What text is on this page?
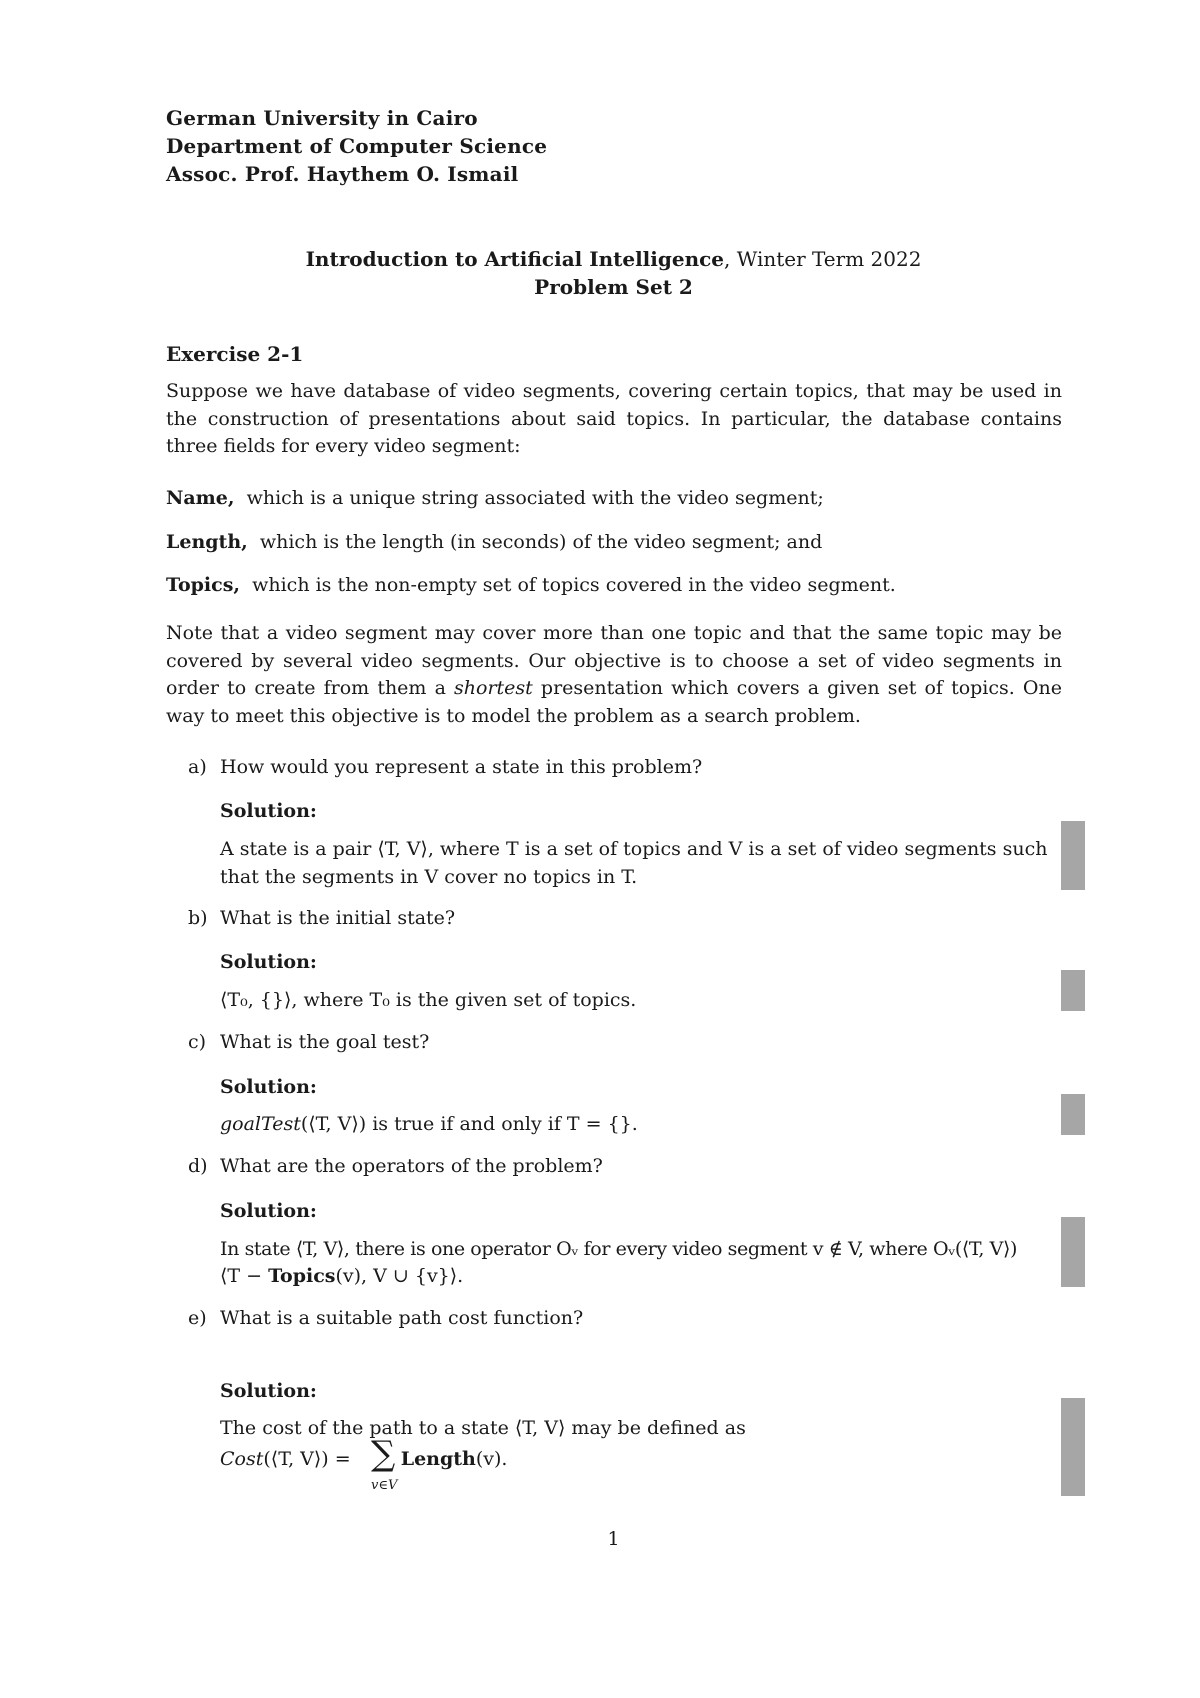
German University in Cairo
Department of Computer Science
Assoc. Prof. Haythem O. Ismail
Introduction to Artificial Intelligence, Winter Term 2022
Problem Set 2
Exercise 2-1
Suppose we have database of video segments, covering certain topics, that may be used in the construction of presentations about said topics. In particular, the database contains three fields for every video segment:
Name, which is a unique string associated with the video segment;
Length, which is the length (in seconds) of the video segment; and
Topics, which is the non-empty set of topics covered in the video segment.
Note that a video segment may cover more than one topic and that the same topic may be covered by several video segments. Our objective is to choose a set of video segments in order to create from them a shortest presentation which covers a given set of topics. One way to meet this objective is to model the problem as a search problem.
a) How would you represent a state in this problem?
Solution:
A state is a pair ⟨T, V⟩, where T is a set of topics and V is a set of video segments such
that the segments in V cover no topics in T.
b) What is the initial state?
Solution:
⟨T₀, {}⟩, where T₀ is the given set of topics.
c) What is the goal test?
Solution:
goalTest(⟨T, V⟩) is true if and only if T = {}.
d) What are the operators of the problem?
Solution:
In state ⟨T, V⟩, there is one operator Oᵥ for every video segment v ∉ V, where Oᵥ(⟨T, V⟩)
⟨T − Topics(v), V ∪ {v}⟩.
e) What is a suitable path cost function?
Solution:
The cost of the path to a state ⟨T, V⟩ may be defined as
Cost(⟨T, V⟩) = Length(v).
∑
v∈V
1
